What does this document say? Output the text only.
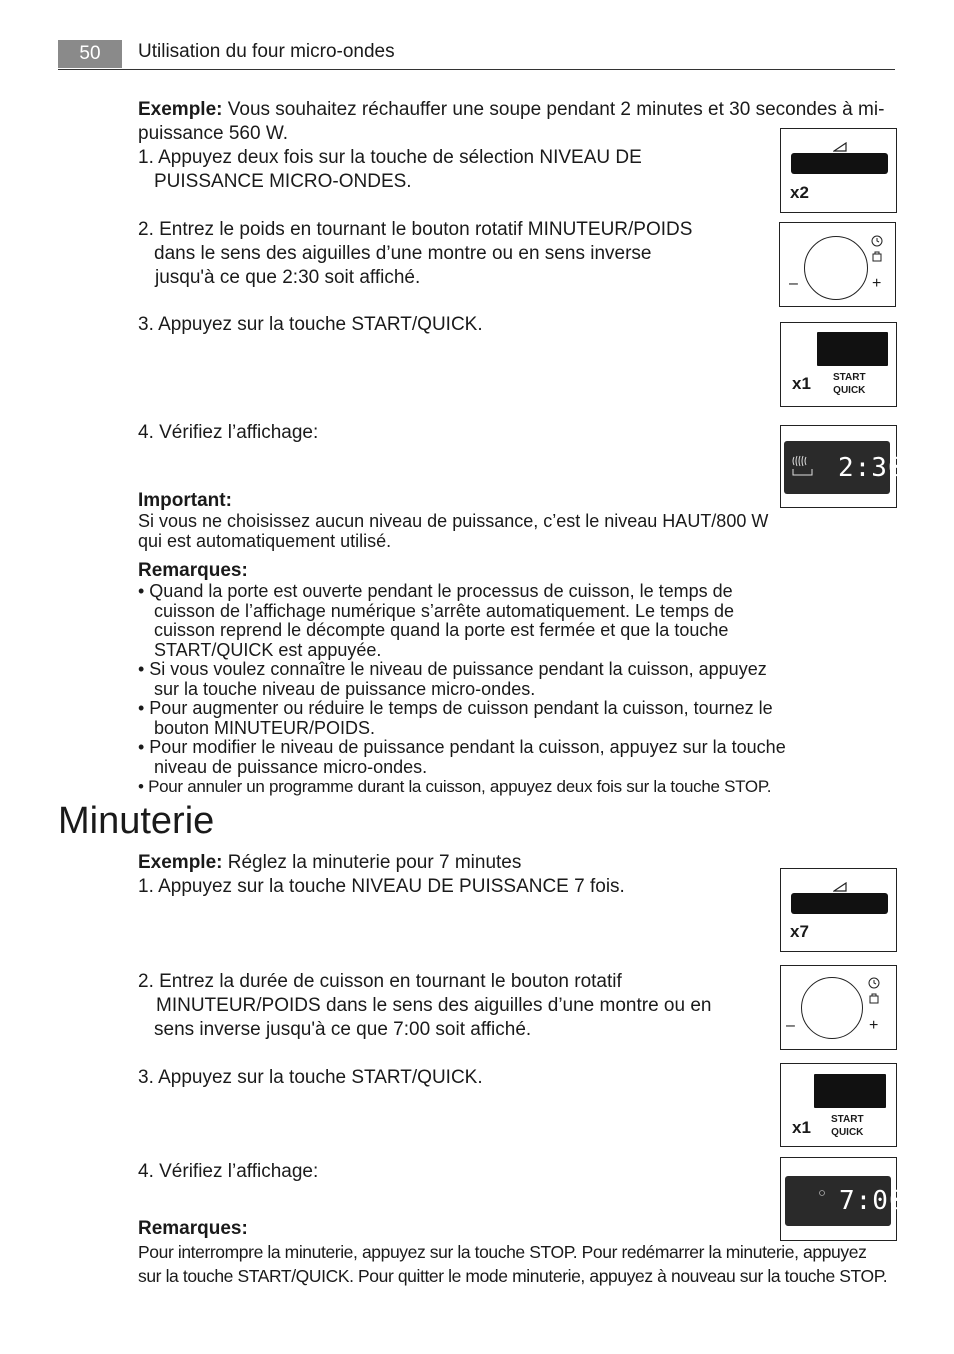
50	Utilisation du four micro-ondes
Exemple: Vous souhaitez réchauffer une soupe pendant 2 minutes et 30 secondes à mi-
puissance 560 W.
1. Appuyez deux fois sur la touche de sélection NIVEAU DE
PUISSANCE MICRO-ONDES.
2. Entrez le poids en tournant le bouton rotatif MINUTEUR/POIDS
dans le sens des aiguilles d’une montre ou en sens inverse
jusqu'à ce que 2:30 soit affiché.
3. Appuyez sur la touche START/QUICK.
4. Vérifiez l’affichage:
Important:
Si vous ne choisissez aucun niveau de puissance, c’est le niveau HAUT/800 W
qui est automatiquement utilisé.
Remarques:
• Quand la porte est ouverte pendant le processus de cuisson, le temps de
cuisson de l’affichage numérique s’arrête automatiquement. Le temps de
cuisson reprend le décompte quand la porte est fermée et que la touche
START/QUICK est appuyée.
• Si vous voulez connaître le niveau de puissance pendant la cuisson, appuyez
sur la touche niveau de puissance micro-ondes.
• Pour augmenter ou réduire le temps de cuisson pendant la cuisson, tournez le
bouton MINUTEUR/POIDS.
• Pour modifier le niveau de puissance pendant la cuisson, appuyez sur la touche
niveau de puissance micro-ondes.
• Pour annuler un programme durant la cuisson, appuyez deux fois sur la touche STOP.
Minuterie
Exemple: Réglez la minuterie pour 7 minutes
1. Appuyez sur la touche NIVEAU DE PUISSANCE 7 fois.
2. Entrez la durée de cuisson en tournant le bouton rotatif
MINUTEUR/POIDS dans le sens des aiguilles d’une montre ou en
sens inverse jusqu'à ce que 7:00 soit affiché.
3. Appuyez sur la touche START/QUICK.
4. Vérifiez l’affichage:
Remarques:
Pour interrompre la minuterie, appuyez sur la touche STOP. Pour redémarrer la minuterie, appuyez
sur la touche START/QUICK. Pour quitter le mode minuterie, appuyez à nouveau sur la touche STOP.
x2
–	+
x1 START
QUICK
2:30
x7
–	+
x1 START
QUICK
7:00
